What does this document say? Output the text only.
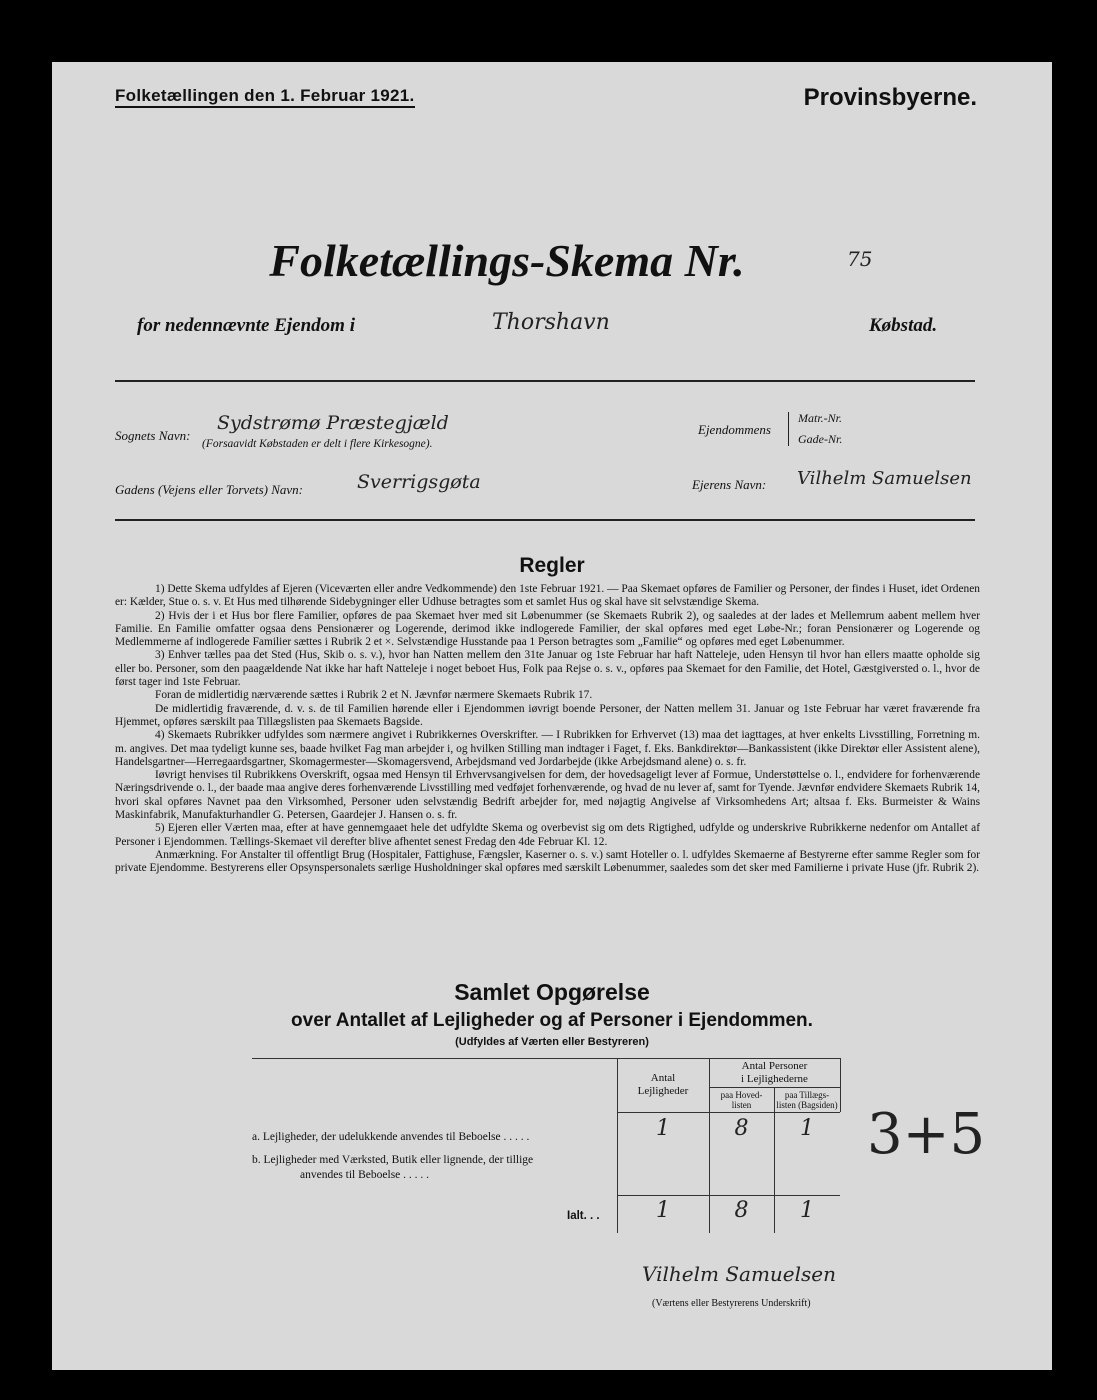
Folketællingen den 1. Februar 1921.	Provinsbyerne.
Folketællings-Skema Nr.	75
for nedennævnte Ejendom i	Thorshavn	Købstad.
Sognets Navn:
Sydstrømø Præstegjæld
(Forsaavidt Købstaden er delt i flere Kirkesogne).
Ejendommens
Matr.-Nr.
Gade-Nr.
Gadens (Vejens eller Torvets) Navn:	Sverrigsgøta	Ejerens Navn: Vilhelm Samuelsen
Regler

1) Dette Skema udfyldes af Ejeren (Viceværten eller andre Vedkommende) den 1ste Februar 1921. — Paa Skemaet opføres de Familier og Personer, der findes i Huset, idet Ordenen er: Kælder, Stue o. s. v. Et Hus med tilhørende Sidebygninger eller Udhuse betragtes som et samlet Hus og skal have sit selvstændige Skema.

2) Hvis der i et Hus bor flere Familier, opføres de paa Skemaet hver med sit Løbenummer (se Skemaets Rubrik 2), og saaledes at der lades et Mellemrum aabent mellem hver Familie. En Familie omfatter ogsaa dens Pensionærer og Logerende, derimod ikke indlogerede Familier, der skal opføres med eget Løbe-Nr.; foran Pensionærer og Logerende og Medlemmerne af indlogerede Familier sættes i Rubrik 2 et ×. Selvstændige Husstande paa 1 Person betragtes som „Familie“ og opføres med eget Løbenummer.

3) Enhver tælles paa det Sted (Hus, Skib o. s. v.), hvor han Natten mellem den 31te Januar og 1ste Februar har haft Natteleje, uden Hensyn til hvor han ellers maatte opholde sig eller bo. Personer, som den paagældende Nat ikke har haft Natteleje i noget beboet Hus, Folk paa Rejse o. s. v., opføres paa Skemaet for den Familie, det Hotel, Gæstgiversted o. l., hvor de først tager ind 1ste Februar.

Foran de midlertidig nærværende sættes i Rubrik 2 et N. Jævnfør nærmere Skemaets Rubrik 17.

De midlertidig fraværende, d. v. s. de til Familien hørende eller i Ejendommen iøvrigt boende Personer, der Natten mellem 31. Januar og 1ste Februar har været fraværende fra Hjemmet, opføres særskilt paa Tillægslisten paa Skemaets Bagside.

4) Skemaets Rubrikker udfyldes som nærmere angivet i Rubrikkernes Overskrifter. — I Rubrikken for Erhvervet (13) maa det iagttages, at hver enkelts Livsstilling, Forretning m. m. angives. Det maa tydeligt kunne ses, baade hvilket Fag man arbejder i, og hvilken Stilling man indtager i Faget, f. Eks. Bankdirektør—Bankassistent (ikke Direktør eller Assistent alene), Handelsgartner—Herregaardsgartner, Skomagermester—Skomagersvend, Arbejdsmand ved Jordarbejde (ikke Arbejdsmand alene) o. s. fr.

Iøvrigt henvises til Rubrikkens Overskrift, ogsaa med Hensyn til Erhvervsangivelsen for dem, der hovedsageligt lever af Formue, Understøttelse o. l., endvidere for forhenværende Næringsdrivende o. l., der baade maa angive deres forhenværende Livsstilling med vedføjet forhenværende, og hvad de nu lever af, samt for Tyende. Jævnfør endvidere Skemaets Rubrik 14, hvori skal opføres Navnet paa den Virksomhed, Personer uden selvstændig Bedrift arbejder for, med nøjagtig Angivelse af Virksomhedens Art; altsaa f. Eks. Burmeister & Wains Maskinfabrik, Manufakturhandler G. Petersen, Gaardejer J. Hansen o. s. fr.

5) Ejeren eller Værten maa, efter at have gennemgaaet hele det udfyldte Skema og overbevist sig om dets Rigtighed, udfylde og underskrive Rubrikkerne nedenfor om Antallet af Personer i Ejendommen. Tællings-Skemaet vil derefter blive afhentet senest Fredag den 4de Februar Kl. 12.

Anmærkning. For Anstalter til offentligt Brug (Hospitaler, Fattighuse, Fængsler, Kaserner o. s. v.) samt Hoteller o. l. udfyldes Skemaerne af Bestyrerne efter samme Regler som for private Ejendomme. Bestyrerens eller Opsynspersonalets særlige Husholdninger skal opføres med særskilt Løbenummer, saaledes som det sker med Familierne i private Huse (jfr. Rubrik 2).

Samlet Opgørelse
over Antallet af Lejligheder og af Personer i Ejendommen.
(Udfyldes af Værten eller Bestyreren)
Antal
Lejligheder
Antal Personer
i Lejlighederne
paa Hoved-
listen
paa Tillægs-
listen (Bagsiden)
a. Lejligheder, der udelukkende anvendes til Beboelse . . . . .	1	8	1
b. Lejligheder med Værksted, Butik eller lignende, der tillige
anvendes til Beboelse . . . . .
Ialt. . .	1	8	1
3+5
Vilhelm Samuelsen
(Værtens eller Bestyrerens Underskrift)
